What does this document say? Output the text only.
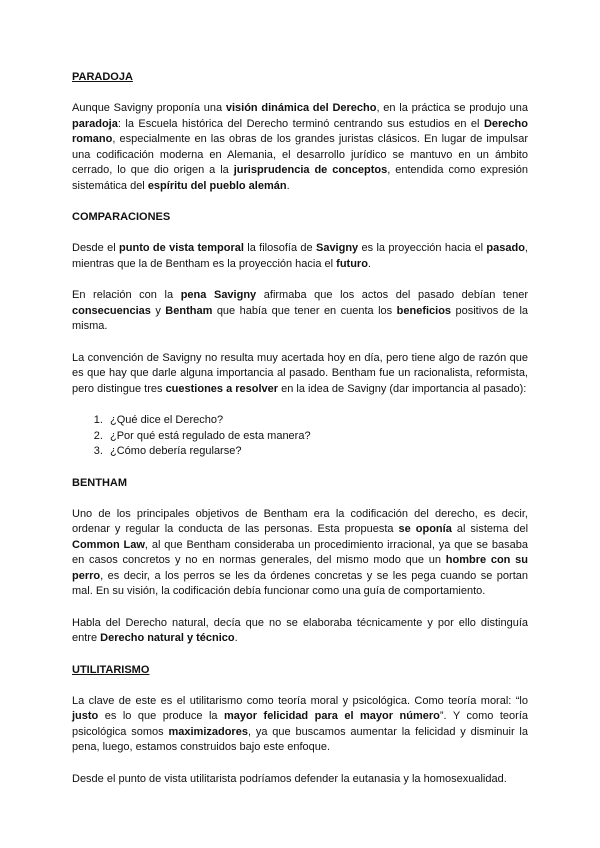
PARADOJA

Aunque Savigny proponía una visión dinámica del Derecho, en la práctica se produjo una paradoja: la Escuela histórica del Derecho terminó centrando sus estudios en el Derecho romano, especialmente en las obras de los grandes juristas clásicos. En lugar de impulsar una codificación moderna en Alemania, el desarrollo jurídico se mantuvo en un ámbito cerrado, lo que dio origen a la jurisprudencia de conceptos, entendida como expresión sistemática del espíritu del pueblo alemán.

COMPARACIONES

Desde el punto de vista temporal la filosofía de Savigny es la proyección hacia el pasado, mientras que la de Bentham es la proyección hacia el futuro.

En relación con la pena Savigny afirmaba que los actos del pasado debían tener consecuencias y Bentham que había que tener en cuenta los beneficios positivos de la misma.

La convención de Savigny no resulta muy acertada hoy en día, pero tiene algo de razón que es que hay que darle alguna importancia al pasado. Bentham fue un racionalista, reformista, pero distingue tres cuestiones a resolver en la idea de Savigny (dar importancia al pasado):

1. ¿Qué dice el Derecho?
2. ¿Por qué está regulado de esta manera?
3. ¿Cómo debería regularse?
BENTHAM

Uno de los principales objetivos de Bentham era la codificación del derecho, es decir, ordenar y regular la conducta de las personas. Esta propuesta se oponía al sistema del Common Law, al que Bentham consideraba un procedimiento irracional, ya que se basaba en casos concretos y no en normas generales, del mismo modo que un hombre con su perro, es decir, a los perros se les da órdenes concretas y se les pega cuando se portan mal. En su visión, la codificación debía funcionar como una guía de comportamiento.

Habla del Derecho natural, decía que no se elaboraba técnicamente y por ello distinguía entre Derecho natural y técnico.

UTILITARISMO

La clave de este es el utilitarismo como teoría moral y psicológica. Como teoría moral: “lo justo es lo que produce la mayor felicidad para el mayor número”. Y como teoría psicológica somos maximizadores, ya que buscamos aumentar la felicidad y disminuir la pena, luego, estamos construidos bajo este enfoque.

Desde el punto de vista utilitarista podríamos defender la eutanasia y la homosexualidad.
